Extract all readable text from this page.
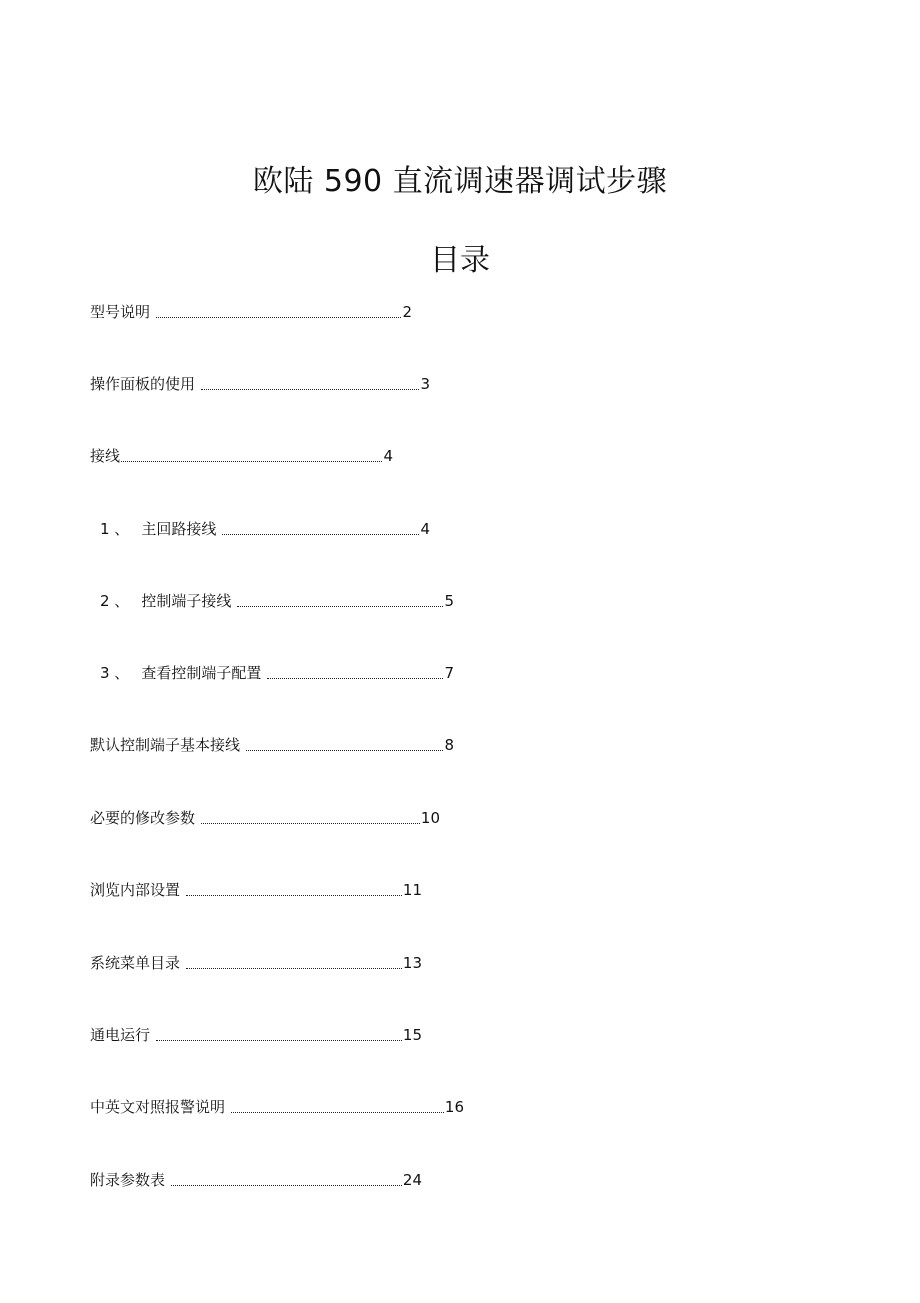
欧陆 590 直流调速器调试步骤
目录
型号说明	2
操作面板的使用	3
接线	4
1 、 主回路接线	4
2 、 控制端子接线	5
3 、 查看控制端子配置	7
默认控制端子基本接线	8
必要的修改参数	10
浏览内部设置	11
系统菜单目录	13
通电运行	15
中英文对照报警说明	16
附录参数表	24
